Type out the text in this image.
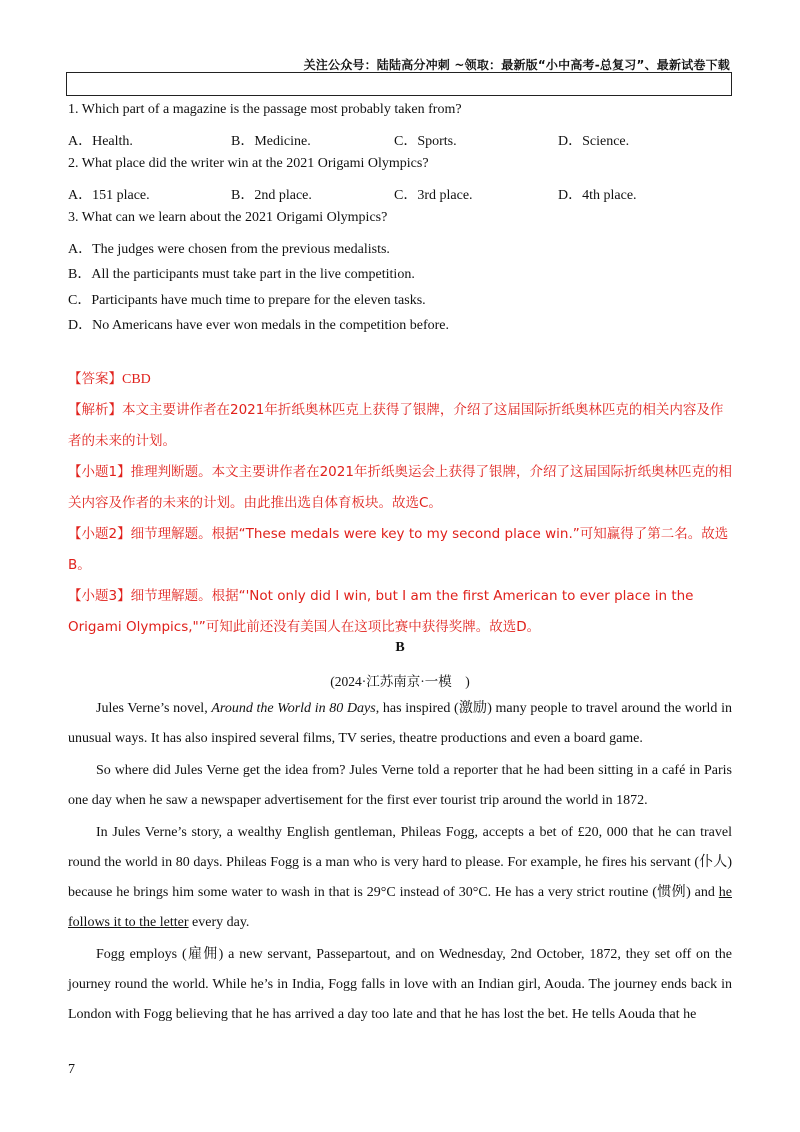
关注公众号：陆陆高分冲刺 ~领取：最新版“小中高考-总复习”、最新试卷下载
1. Which part of a magazine is the passage most probably taken from?
A．Health.	B．Medicine.	C．Sports.	D．Science.
2. What place did the writer win at the 2021 Origami Olympics?
A．151 place.	B．2nd place.	C．3rd place.	D．4th place.
3. What can we learn about the 2021 Origami Olympics?
A．The judges were chosen from the previous medalists.
B．All the participants must take part in the live competition.
C．Participants have much time to prepare for the eleven tasks.
D．No Americans have ever won medals in the competition before.
【答案】CBD
【解析】本文主要讲作者在2021年折纸奥林匹克上获得了银牌，介绍了这届国际折纸奥林匹克的相关内容及作者的未来的计划。
【小题1】推理判断题。本文主要讲作者在2021年折纸奥运会上获得了银牌，介绍了这届国际折纸奥林匹克的相关内容及作者的未来的计划。由此推出选自体育板块。故选C。
【小题2】细节理解题。根据“These medals were key to my second place win.”可知赢得了第二名。故选B。
【小题3】细节理解题。根据“'Not only did I win, but I am the first American to ever place in the Origami Olympics,"”可知此前还没有美国人在这项比赛中获得奖牌。故选D。
B
(2024·江苏南京·一模　)
Jules Verne’s novel, Around the World in 80 Days, has inspired (激励) many people to travel around the world in unusual ways. It has also inspired several films, TV series, theatre productions and even a board game.
So where did Jules Verne get the idea from? Jules Verne told a reporter that he had been sitting in a café in Paris one day when he saw a newspaper advertisement for the first ever tourist trip around the world in 1872.
In Jules Verne’s story, a wealthy English gentleman, Phileas Fogg, accepts a bet of £20, 000 that he can travel round the world in 80 days. Phileas Fogg is a man who is very hard to please. For example, he fires his servant (仆人) because he brings him some water to wash in that is 29°C instead of 30°C. He has a very strict routine (惯例) and he follows it to the letter every day.
Fogg employs (雇佣) a new servant, Passepartout, and on Wednesday, 2nd October, 1872, they set off on the journey round the world. While he’s in India, Fogg falls in love with an Indian girl, Aouda. The journey ends back in London with Fogg believing that he has arrived a day too late and that he has lost the bet. He tells Aouda that he
7
